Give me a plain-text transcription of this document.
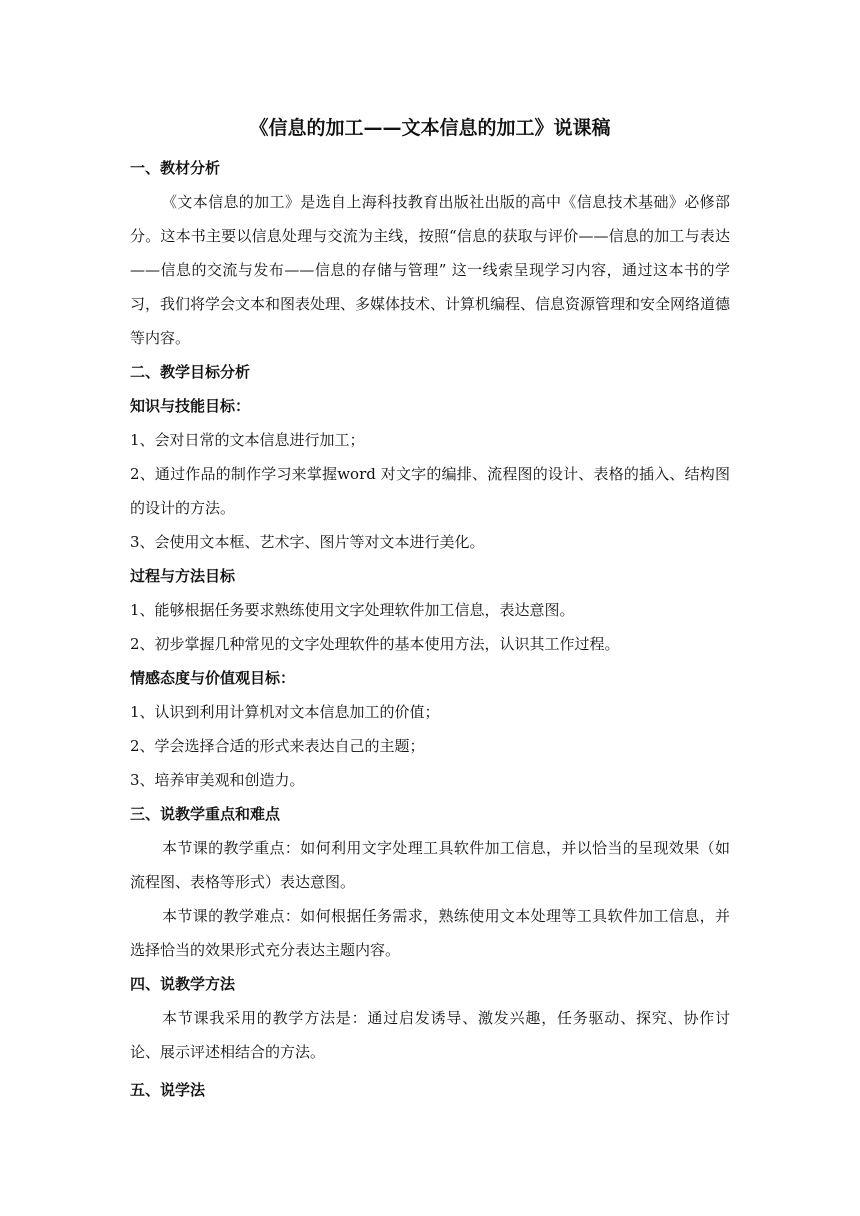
《信息的加工——文本信息的加工》说课稿
一、教材分析
《文本信息的加工》是选自上海科技教育出版社出版的高中《信息技术基础》必修部分。这本书主要以信息处理与交流为主线，按照“信息的获取与评价——信息的加工与表达——信息的交流与发布——信息的存储与管理” 这一线索呈现学习内容，通过这本书的学习，我们将学会文本和图表处理、多媒体技术、计算机编程、信息资源管理和安全网络道德等内容。
二、教学目标分析
知识与技能目标：
1、会对日常的文本信息进行加工；
2、通过作品的制作学习来掌握word 对文字的编排、流程图的设计、表格的插入、结构图的设计的方法。
3、会使用文本框、艺术字、图片等对文本进行美化。
过程与方法目标
1、能够根据任务要求熟练使用文字处理软件加工信息，表达意图。
2、初步掌握几种常见的文字处理软件的基本使用方法，认识其工作过程。
情感态度与价值观目标：
1、认识到利用计算机对文本信息加工的价值；
2、学会选择合适的形式来表达自己的主题；
3、培养审美观和创造力。
三、说教学重点和难点
本节课的教学重点：如何利用文字处理工具软件加工信息，并以恰当的呈现效果（如流程图、表格等形式）表达意图。
本节课的教学难点：如何根据任务需求，熟练使用文本处理等工具软件加工信息，并选择恰当的效果形式充分表达主题内容。
四、说教学方法
本节课我采用的教学方法是：通过启发诱导、激发兴趣，任务驱动、探究、协作讨论、展示评述相结合的方法。
五、说学法
